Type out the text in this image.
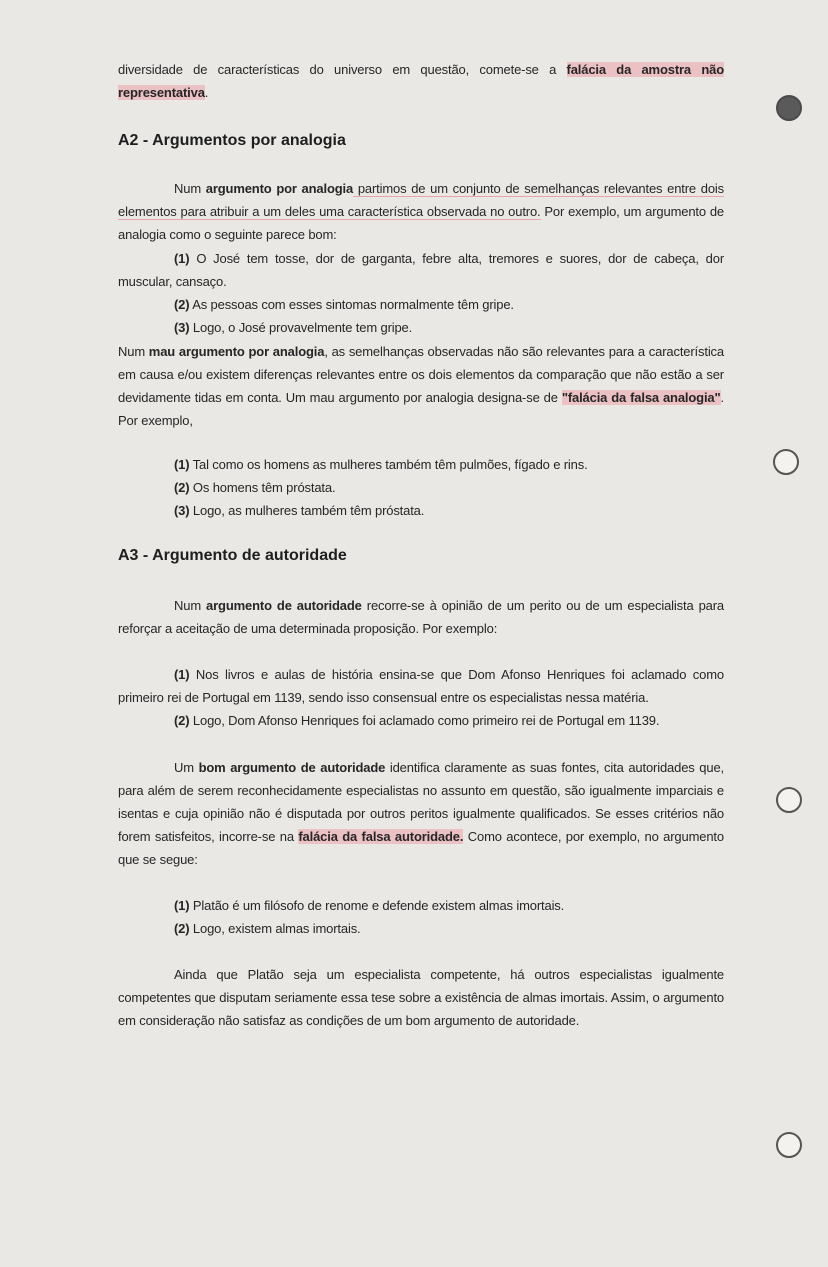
diversidade de características do universo em questão, comete-se a falácia da amostra não representativa.
A2 - Argumentos por analogia
Num argumento por analogia partimos de um conjunto de semelhanças relevantes entre dois elementos para atribuir a um deles uma característica observada no outro. Por exemplo, um argumento de analogia como o seguinte parece bom:
(1) O José tem tosse, dor de garganta, febre alta, tremores e suores, dor de cabeça, dor muscular, cansaço.
(2) As pessoas com esses sintomas normalmente têm gripe.
(3) Logo, o José provavelmente tem gripe.
Num mau argumento por analogia, as semelhanças observadas não são relevantes para a característica em causa e/ou existem diferenças relevantes entre os dois elementos da comparação que não estão a ser devidamente tidas em conta. Um mau argumento por analogia designa-se de "falácia da falsa analogia". Por exemplo,
(1) Tal como os homens as mulheres também têm pulmões, fígado e rins.
(2) Os homens têm próstata.
(3) Logo, as mulheres também têm próstata.
A3 - Argumento de autoridade
Num argumento de autoridade recorre-se à opinião de um perito ou de um especialista para reforçar a aceitação de uma determinada proposição. Por exemplo:
(1) Nos livros e aulas de história ensina-se que Dom Afonso Henriques foi aclamado como primeiro rei de Portugal em 1139, sendo isso consensual entre os especialistas nessa matéria.
(2) Logo, Dom Afonso Henriques foi aclamado como primeiro rei de Portugal em 1139.
Um bom argumento de autoridade identifica claramente as suas fontes, cita autoridades que, para além de serem reconhecidamente especialistas no assunto em questão, são igualmente imparciais e isentas e cuja opinião não é disputada por outros peritos igualmente qualificados. Se esses critérios não forem satisfeitos, incorre-se na falácia da falsa autoridade. Como acontece, por exemplo, no argumento que se segue:
(1) Platão é um filósofo de renome e defende existem almas imortais.
(2) Logo, existem almas imortais.
Ainda que Platão seja um especialista competente, há outros especialistas igualmente competentes que disputam seriamente essa tese sobre a existência de almas imortais. Assim, o argumento em consideração não satisfaz as condições de um bom argumento de autoridade.
